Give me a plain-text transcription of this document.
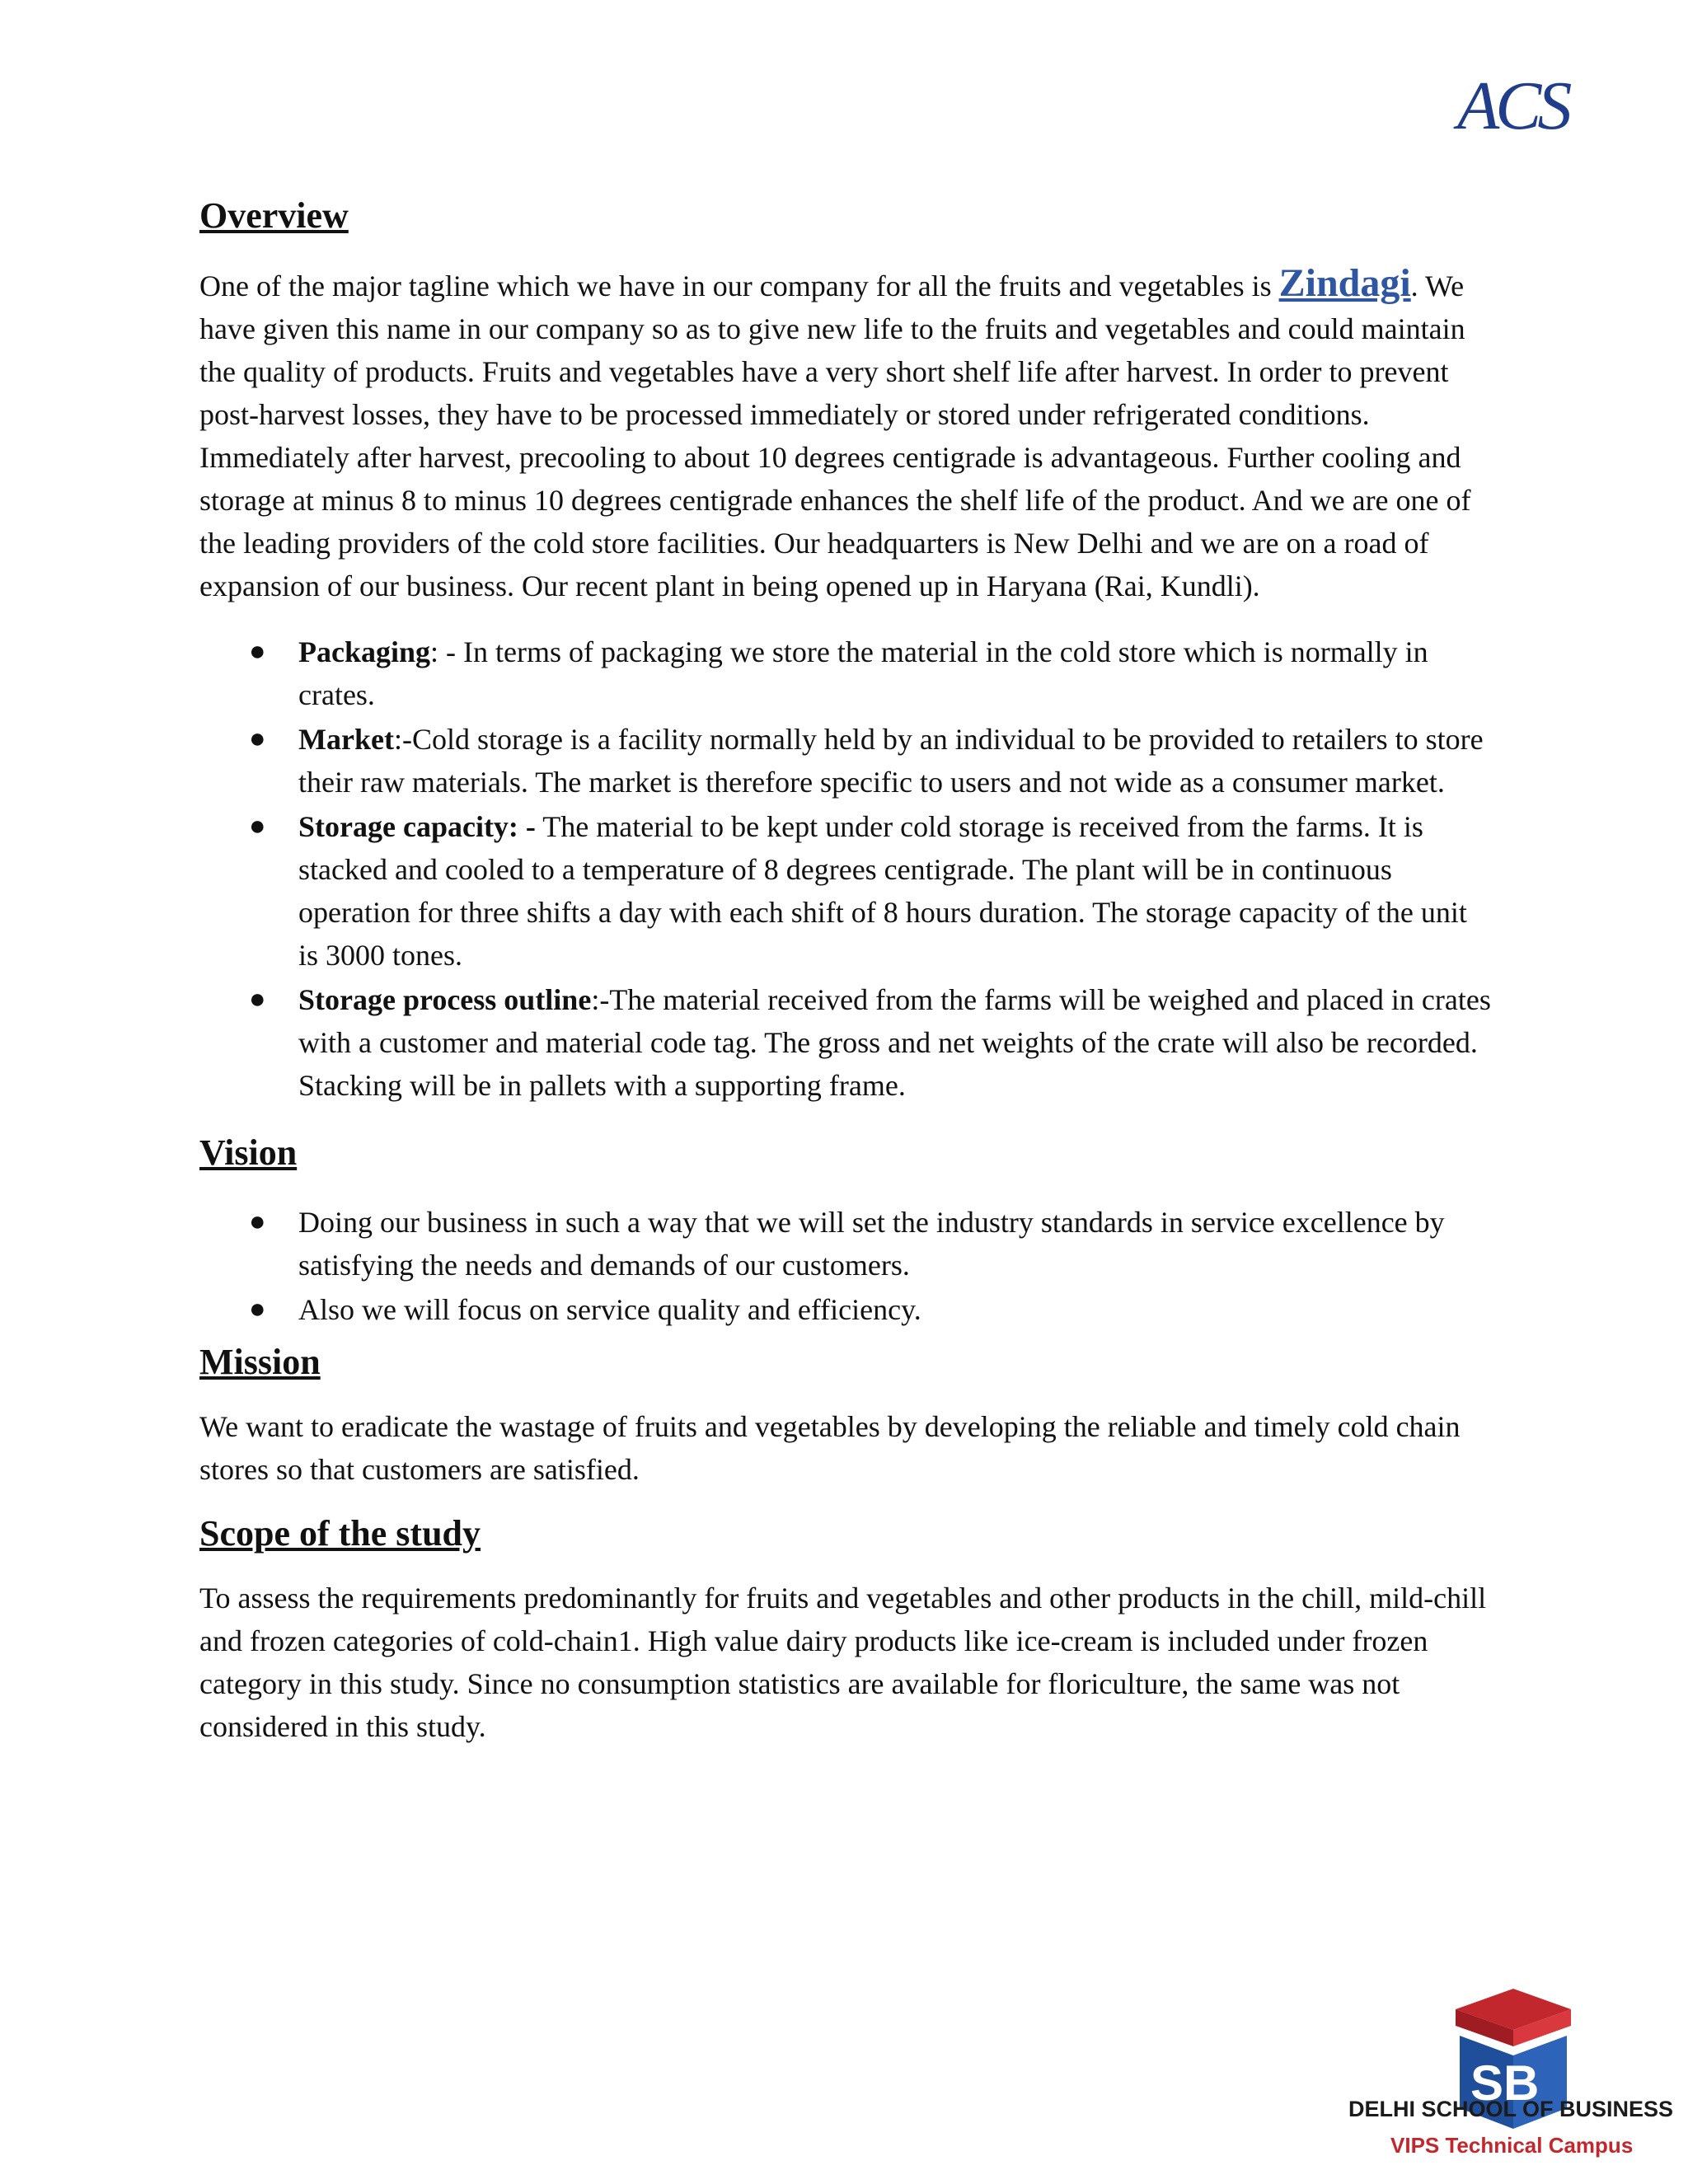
ACS
Overview

One of the major tagline which we have in our company for all the fruits and vegetables is Zindagi. We have given this name in our company so as to give new life to the fruits and vegetables and could maintain the quality of products. Fruits and vegetables have a very short shelf life after harvest. In order to prevent post-harvest losses, they have to be processed immediately or stored under refrigerated conditions. Immediately after harvest, precooling to about 10 degrees centigrade is advantageous. Further cooling and storage at minus 8 to minus 10 degrees centigrade enhances the shelf life of the product. And we are one of the leading providers of the cold store facilities. Our headquarters is New Delhi and we are on a road of expansion of our business. Our recent plant in being opened up in Haryana (Rai, Kundli).

● Packaging: - In terms of packaging we store the material in the cold store which is normally in crates.
● Market:-Cold storage is a facility normally held by an individual to be provided to retailers to store their raw materials. The market is therefore specific to users and not wide as a consumer market.
● Storage capacity: - The material to be kept under cold storage is received from the farms. It is stacked and cooled to a temperature of 8 degrees centigrade. The plant will be in continuous operation for three shifts a day with each shift of 8 hours duration. The storage capacity of the unit is 3000 tones.
● Storage process outline:-The material received from the farms will be weighed and placed in crates with a customer and material code tag. The gross and net weights of the crate will also be recorded. Stacking will be in pallets with a supporting frame.
Vision
● Doing our business in such a way that we will set the industry standards in service excellence by satisfying the needs and demands of our customers.
● Also we will focus on service quality and efficiency.
Mission

We want to eradicate the wastage of fruits and vegetables by developing the reliable and timely cold chain stores so that customers are satisfied.

Scope of the study

To assess the requirements predominantly for fruits and vegetables and other products in the chill, mild-chill and frozen categories of cold-chain1. High value dairy products like ice-cream is included under frozen category in this study. Since no consumption statistics are available for floriculture, the same was not considered in this study.

SB
DELHI SCHOOL OF BUSINESS
VIPS Technical Campus
